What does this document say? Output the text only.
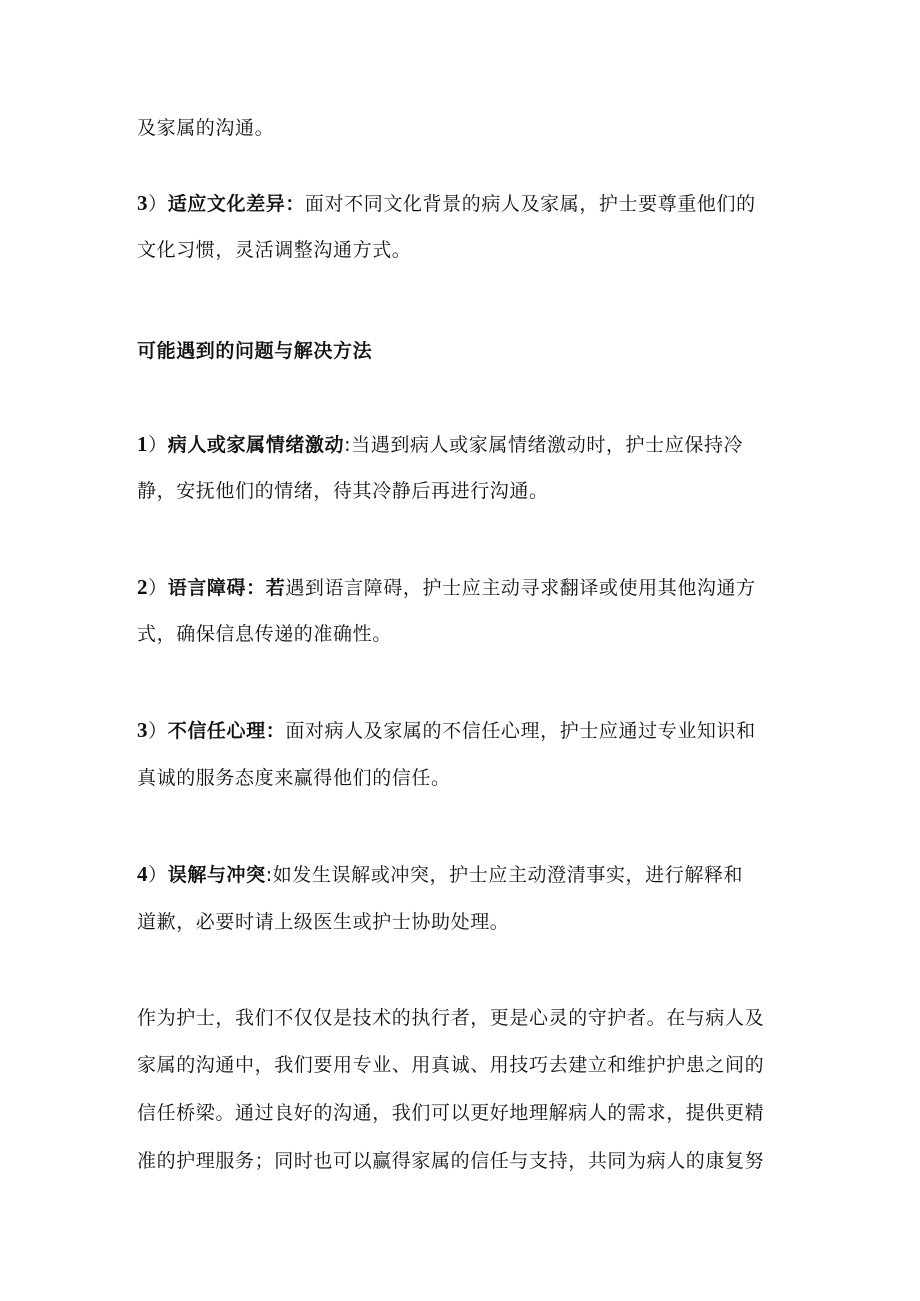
及家属的沟通。
3）适应文化差异：面对不同文化背景的病人及家属，护士要尊重他们的
文化习惯，灵活调整沟通方式。
可能遇到的问题与解决方法
1）病人或家属情绪激动:当遇到病人或家属情绪激动时，护士应保持冷
静，安抚他们的情绪，待其冷静后再进行沟通。
2）语言障碍：若遇到语言障碍，护士应主动寻求翻译或使用其他沟通方
式，确保信息传递的准确性。
3）不信任心理：面对病人及家属的不信任心理，护士应通过专业知识和
真诚的服务态度来赢得他们的信任。
4）误解与冲突:如发生误解或冲突，护士应主动澄清事实，进行解释和
道歉，必要时请上级医生或护士协助处理。
作为护士，我们不仅仅是技术的执行者，更是心灵的守护者。在与病人及
家属的沟通中，我们要用专业、用真诚、用技巧去建立和维护护患之间的
信任桥梁。通过良好的沟通，我们可以更好地理解病人的需求，提供更精
准的护理服务；同时也可以赢得家属的信任与支持，共同为病人的康复努
